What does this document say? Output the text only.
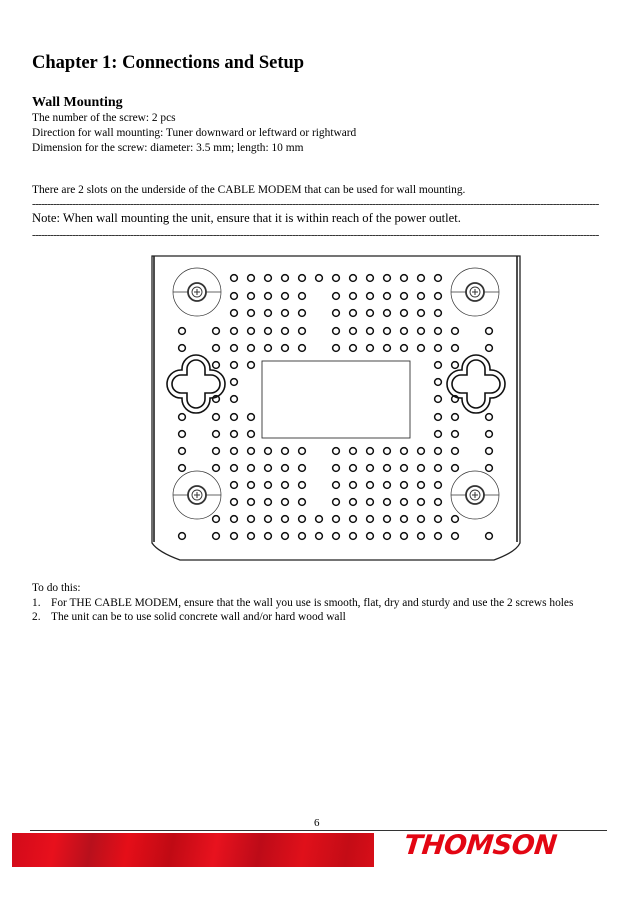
Chapter 1: Connections and Setup
Wall Mounting
The number of the screw: 2 pcs
Direction for wall mounting: Tuner downward or leftward or rightward
Dimension for the screw: diameter: 3.5 mm; length: 10 mm
There are 2 slots on the underside of the CABLE MODEM that can be used for wall mounting.
-----------------------------------------------------------------------------------------------------------------------------------------------------------------------------------------
Note: When wall mounting the unit, ensure that it is within reach of the power outlet.
-----------------------------------------------------------------------------------------------------------------------------------------------------------------------------------------
To do this:
1. For THE CABLE MODEM, ensure that the wall you use is smooth, flat, dry and sturdy and use the 2 screws holes
2. The unit can be to use solid concrete wall and/or hard wood wall
6
THOMSON
